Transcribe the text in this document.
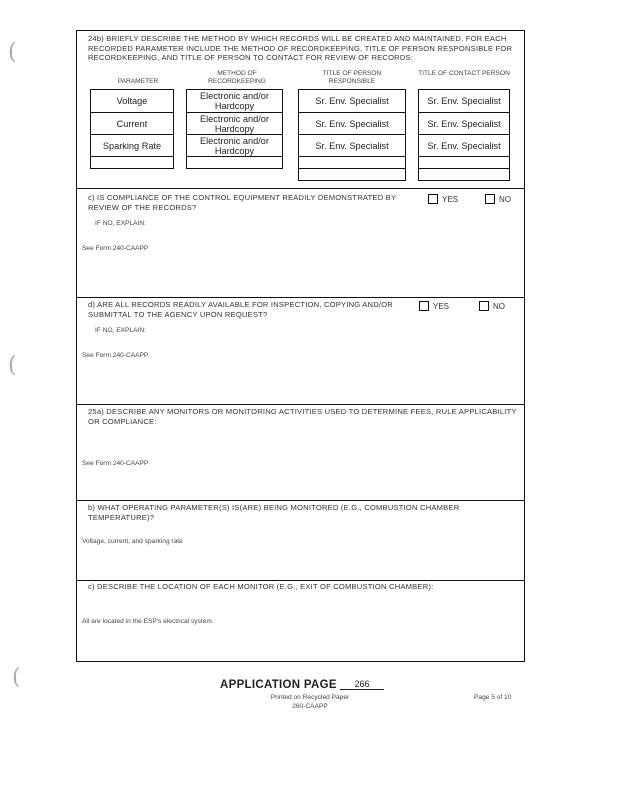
(
(
(
24b) BRIEFLY DESCRIBE THE METHOD BY WHICH RECORDS WILL BE CREATED AND MAINTAINED. FOR EACH RECORDED PARAMETER INCLUDE THE METHOD OF RECORDKEEPING, TITLE OF PERSON RESPONSIBLE FOR RECORDKEEPING, AND TITLE OF PERSON TO CONTACT FOR REVIEW OF RECORDS:
PARAMETER
METHOD OF RECORDKEEPING
TITLE OF PERSON RESPONSIBLE
TITLE OF CONTACT PERSON
Voltage	Electronic and/or Hardcopy	Sr. Env. Specialist	Sr. Env. Specialist
Current	Electronic and/or Hardcopy	Sr. Env. Specialist	Sr. Env. Specialist
Sparking Rate	Electronic and/or Hardcopy	Sr. Env. Specialist	Sr. Env. Specialist
c) IS COMPLIANCE OF THE CONTROL EQUIPMENT READILY DEMONSTRATED BY REVIEW OF THE RECORDS?
YES	NO
IF NO, EXPLAIN:
See Form 240-CAAPP
d) ARE ALL RECORDS READILY AVAILABLE FOR INSPECTION, COPYING AND/OR SUBMITTAL TO THE AGENCY UPON REQUEST?
YES	NO
IF NO, EXPLAIN:
See Form 240-CAAPP
25a) DESCRIBE ANY MONITORS OR MONITORING ACTIVITIES USED TO DETERMINE FEES, RULE APPLICABILITY OR COMPLIANCE:
See Form 240-CAAPP
b) WHAT OPERATING PARAMETER(S) IS(ARE) BEING MONITORED (E.G., COMBUSTION CHAMBER TEMPERATURE)?
Voltage, current, and sparking rate
c) DESCRIBE THE LOCATION OF EACH MONITOR (E.G., EXIT OF COMBUSTION CHAMBER):
All are located in the ESP's electrical system.
APPLICATION PAGE	266
Printed on Recycled Paper
260-CAAPP
Page 5 of 10
